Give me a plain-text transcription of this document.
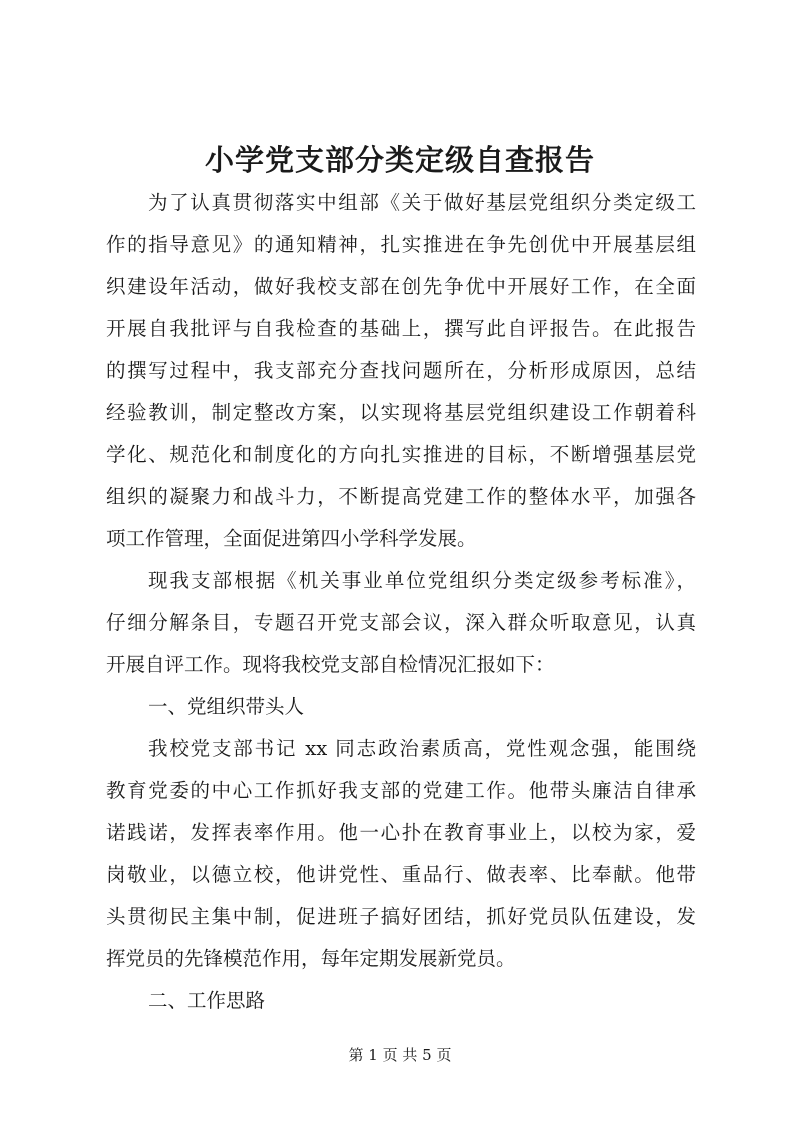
小学党支部分类定级自查报告

为了认真贯彻落实中组部《关于做好基层党组织分类定级工

作的指导意见》的通知精神，扎实推进在争先创优中开展基层组

织建设年活动，做好我校支部在创先争优中开展好工作，在全面

开展自我批评与自我检查的基础上，撰写此自评报告。在此报告

的撰写过程中，我支部充分查找问题所在，分析形成原因，总结

经验教训，制定整改方案，以实现将基层党组织建设工作朝着科

学化、规范化和制度化的方向扎实推进的目标，不断增强基层党

组织的凝聚力和战斗力，不断提高党建工作的整体水平，加强各

项工作管理，全面促进第四小学科学发展。

现我支部根据《机关事业单位党组织分类定级参考标准》，

仔细分解条目，专题召开党支部会议，深入群众听取意见，认真

开展自评工作。现将我校党支部自检情况汇报如下：

一、党组织带头人

我校党支部书记 xx 同志政治素质高，党性观念强，能围绕

教育党委的中心工作抓好我支部的党建工作。他带头廉洁自律承

诺践诺，发挥表率作用。他一心扑在教育事业上，以校为家，爱

岗敬业，以德立校，他讲党性、重品行、做表率、比奉献。他带

头贯彻民主集中制，促进班子搞好团结，抓好党员队伍建设，发

挥党员的先锋模范作用，每年定期发展新党员。

二、工作思路

第 1 页 共 5 页
